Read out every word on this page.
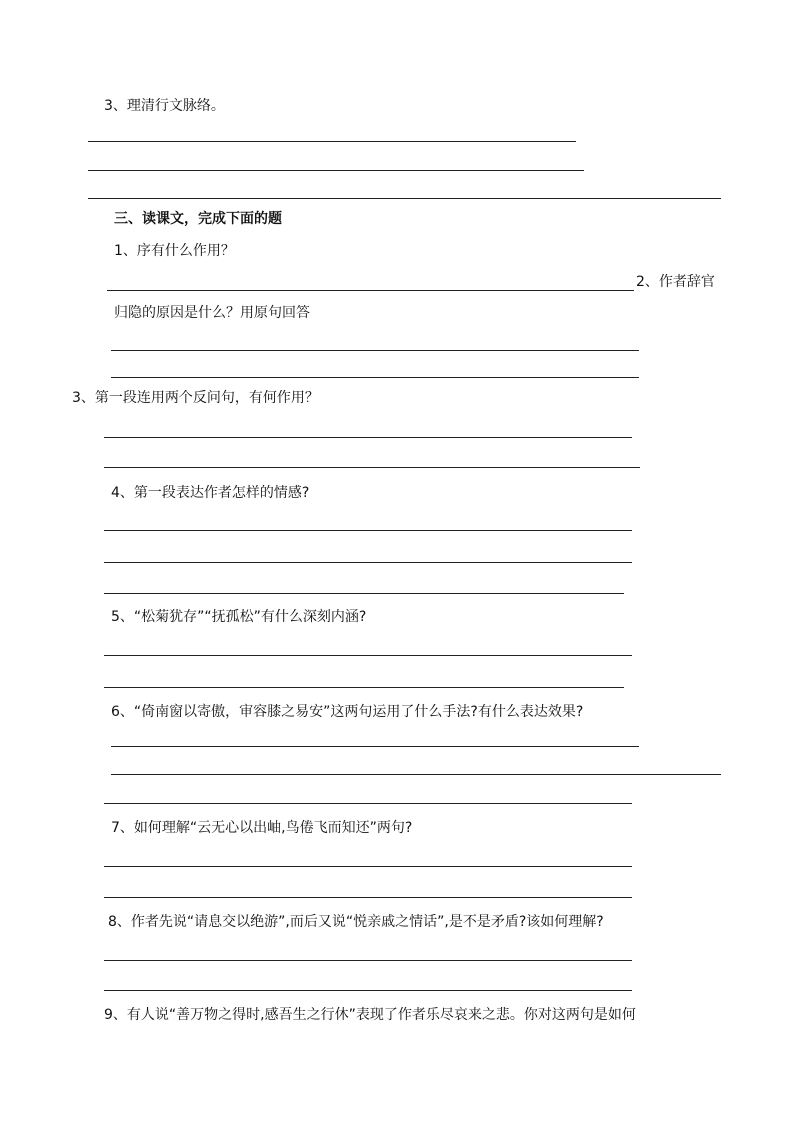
3、理清行文脉络。
三、读课文，完成下面的题
1、序有什么作用？
2、作者辞官
归隐的原因是什么？用原句回答
3、第一段连用两个反问句，有何作用？
4、第一段表达作者怎样的情感?
5、“松菊犹存”“抚孤松”有什么深刻内涵?
6、“倚南窗以寄傲，审容膝之易安”这两句运用了什么手法?有什么表达效果?
7、如何理解“云无心以出岫,鸟倦飞而知还”两句?
8、作者先说“请息交以绝游”,而后又说“悦亲戚之情话”,是不是矛盾?该如何理解?
9、有人说“善万物之得时,感吾生之行休”表现了作者乐尽哀来之悲。你对这两句是如何
